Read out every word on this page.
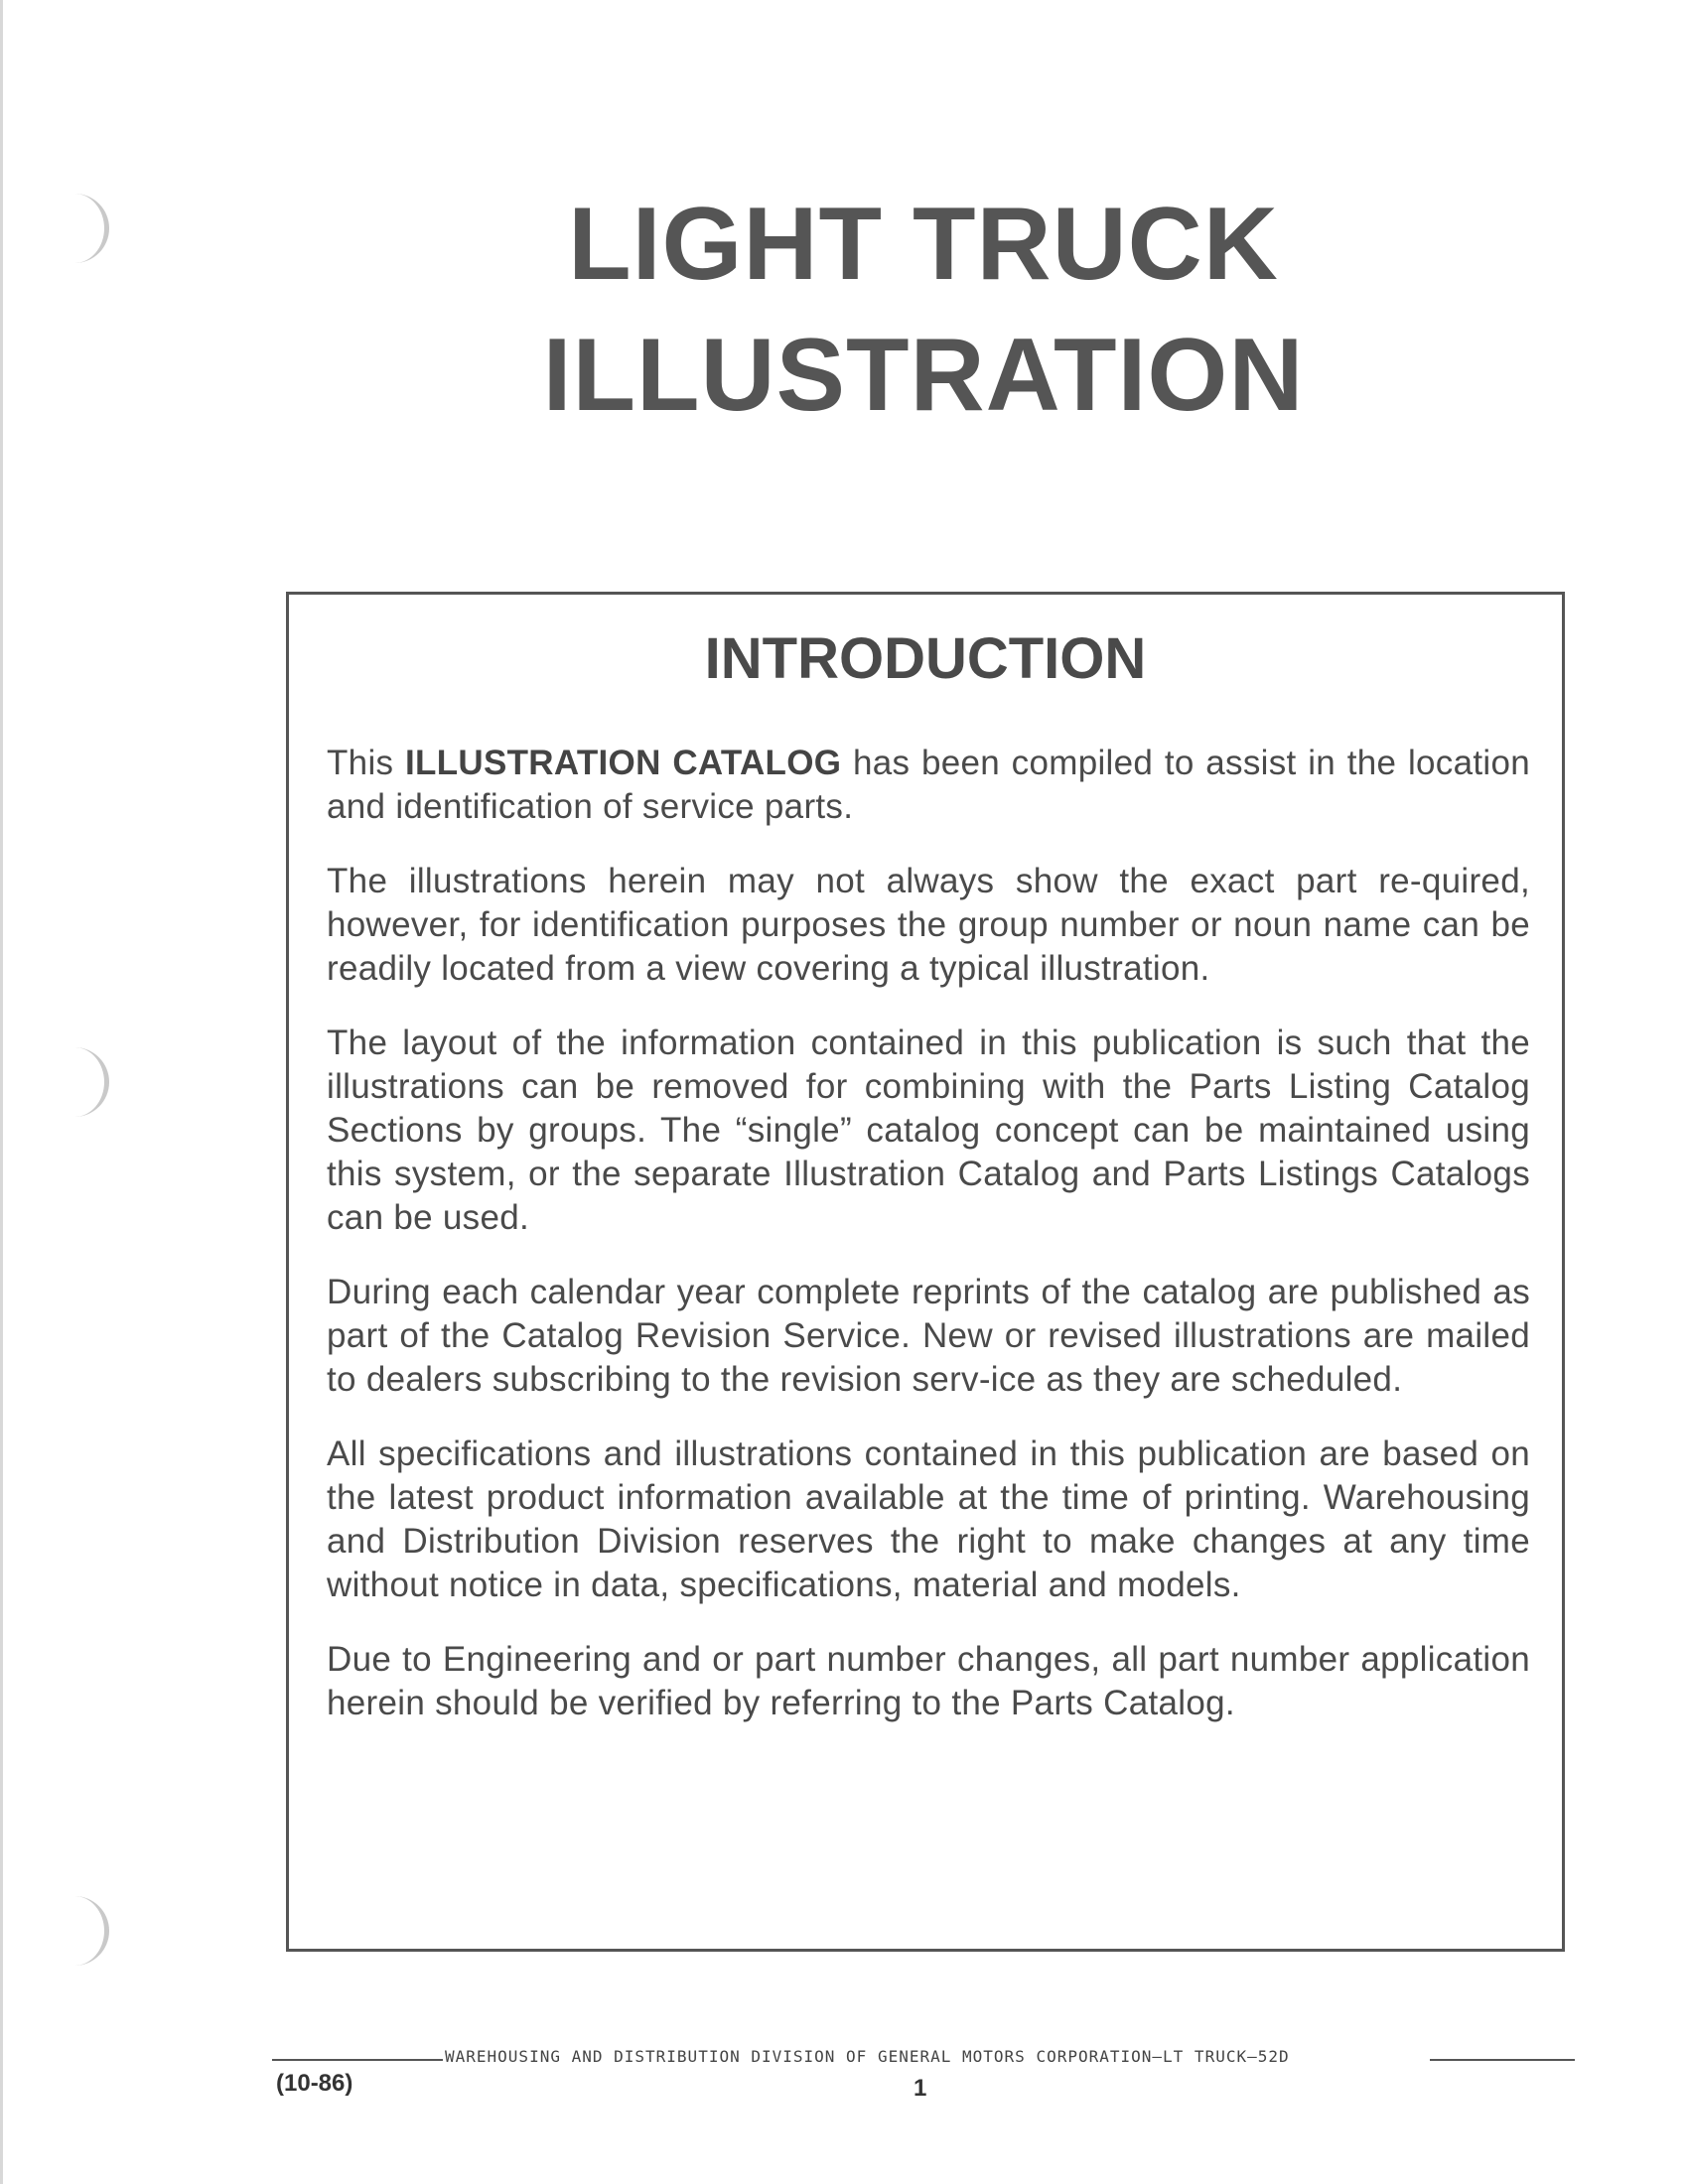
LIGHT TRUCK
ILLUSTRATION
INTRODUCTION

This ILLUSTRATION CATALOG has been compiled to assist in the location and identification of service parts.

The illustrations herein may not always show the exact part re-quired, however, for identification purposes the group number or noun name can be readily located from a view covering a typical illustration.

The layout of the information contained in this publication is such that the illustrations can be removed for combining with the Parts Listing Catalog Sections by groups. The “single” catalog concept can be maintained using this system, or the separate Illustration Catalog and Parts Listings Catalogs can be used.

During each calendar year complete reprints of the catalog are published as part of the Catalog Revision Service. New or revised illustrations are mailed to dealers subscribing to the revision serv-ice as they are scheduled.

All specifications and illustrations contained in this publication are based on the latest product information available at the time of printing. Warehousing and Distribution Division reserves the right to make changes at any time without notice in data, specifications, material and models.

Due to Engineering and or part number changes, all part number application herein should be verified by referring to the Parts Catalog.

WAREHOUSING AND DISTRIBUTION DIVISION OF GENERAL MOTORS CORPORATION—LT TRUCK—52D
(10-86)	1
